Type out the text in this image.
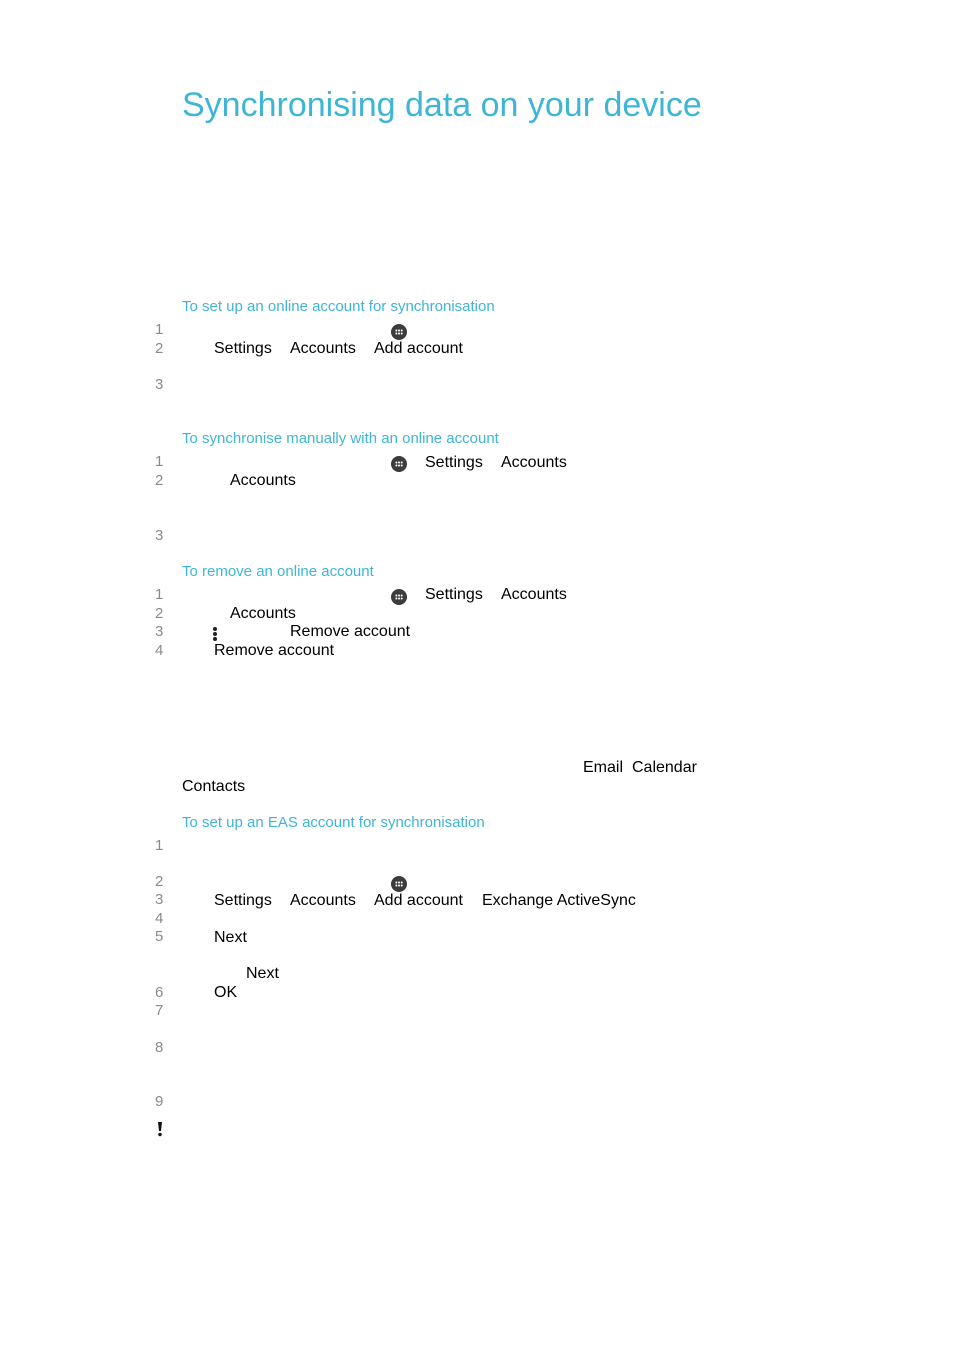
Synchronising data on your device
To set up an online account for synchronisation
1
2	Settings Accounts Add account
3
To synchronise manually with an online account
1	Settings Accounts
2	Accounts
3
To remove an online account
1	Settings Accounts
2	Accounts
3	Remove account
4	Remove account
Email Calendar
Contacts
To set up an EAS account for synchronisation
1
2
3	Settings Accounts Add account Exchange ActiveSync
4
5	Next
Next
6	OK
7
8
9
